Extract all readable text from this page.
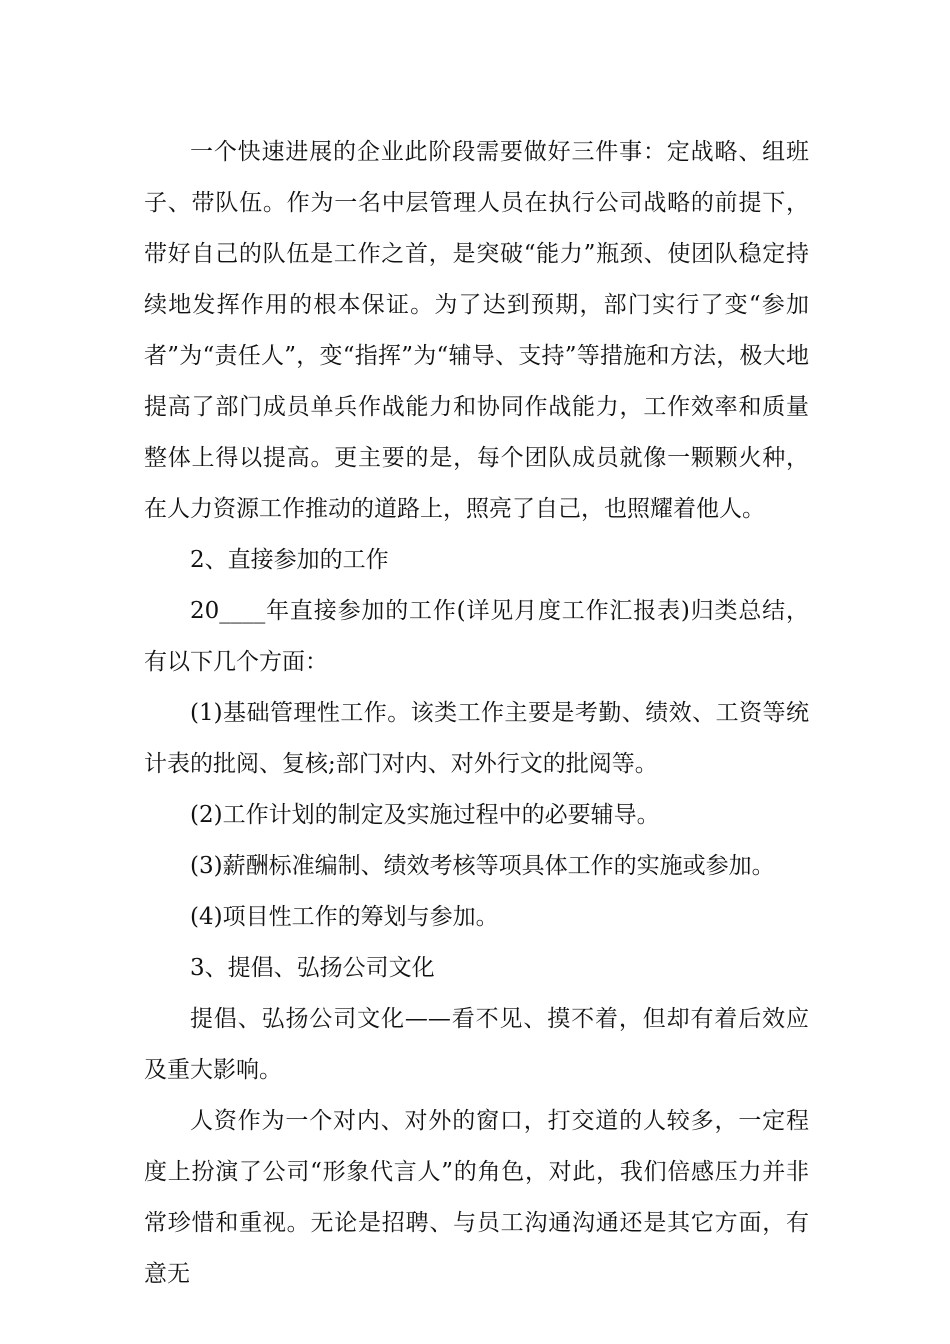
一个快速进展的企业此阶段需要做好三件事：定战略、组班子、带队伍。作为一名中层管理人员在执行公司战略的前提下，带好自己的队伍是工作之首，是突破“能力”瓶颈、使团队稳定持续地发挥作用的根本保证。为了达到预期，部门实行了变“参加者”为“责任人”，变“指挥”为“辅导、支持”等措施和方法，极大地提高了部门成员单兵作战能力和协同作战能力，工作效率和质量整体上得以提高。更主要的是，每个团队成员就像一颗颗火种，在人力资源工作推动的道路上，照亮了自己，也照耀着他人。

2、直接参加的工作

20____年直接参加的工作(详见月度工作汇报表)归类总结，有以下几个方面：

(1)基础管理性工作。该类工作主要是考勤、绩效、工资等统计表的批阅、复核;部门对内、对外行文的批阅等。

(2)工作计划的制定及实施过程中的必要辅导。

(3)薪酬标准编制、绩效考核等项具体工作的实施或参加。

(4)项目性工作的筹划与参加。

3、提倡、弘扬公司文化

提倡、弘扬公司文化——看不见、摸不着，但却有着后效应及重大影响。

人资作为一个对内、对外的窗口，打交道的人较多，一定程度上扮演了公司“形象代言人”的角色，对此，我们倍感压力并非常珍惜和重视。无论是招聘、与员工沟通沟通还是其它方面，有意无
